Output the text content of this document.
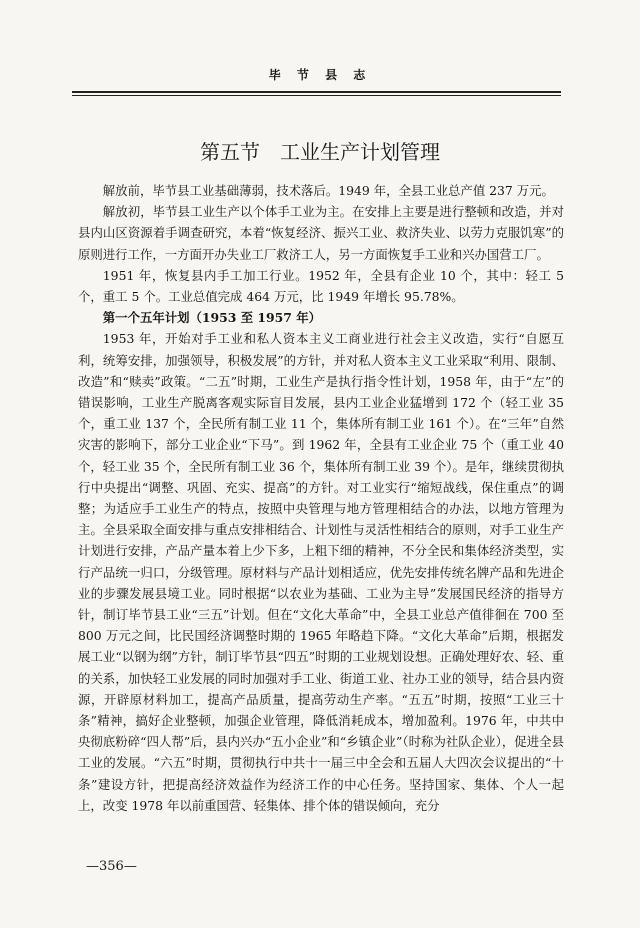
毕 节 县 志
第五节　工业生产计划管理

解放前，毕节县工业基础薄弱，技术落后。1949 年，全县工业总产值 237 万元。

解放初，毕节县工业生产以个体手工业为主。在安排上主要是进行整顿和改造，并对县内山区资源着手调查研究，本着“恢复经济、振兴工业、救济失业、以劳力克服饥寒”的原则进行工作，一方面开办失业工厂救济工人，另一方面恢复手工业和兴办国营工厂。

1951 年，恢复县内手工加工行业。1952 年，全县有企业 10 个，其中：轻工 5 个，重工 5 个。工业总值完成 464 万元，比 1949 年增长 95.78%。

第一个五年计划（1953 至 1957 年）

1953 年，开始对手工业和私人资本主义工商业进行社会主义改造，实行“自愿互利，统筹安排，加强领导，积极发展”的方针，并对私人资本主义工业采取“利用、限制、改造”和“赎卖”政策。“二五”时期，工业生产是执行指令性计划，1958 年，由于“左”的错误影响，工业生产脱离客观实际盲目发展，县内工业企业猛增到 172 个（轻工业 35 个，重工业 137 个，全民所有制工业 11 个，集体所有制工业 161 个）。在“三年”自然灾害的影响下，部分工业企业“下马”。到 1962 年，全县有工业企业 75 个（重工业 40 个，轻工业 35 个，全民所有制工业 36 个，集体所有制工业 39 个）。是年，继续贯彻执行中央提出“调整、巩固、充实、提高”的方针。对工业实行“缩短战线，保住重点”的调整；为适应手工业生产的特点，按照中央管理与地方管理相结合的办法，以地方管理为主。全县采取全面安排与重点安排相结合、计划性与灵活性相结合的原则，对手工业生产计划进行安排，产品产量本着上少下多，上粗下细的精神，不分全民和集体经济类型，实行产品统一归口，分级管理。原材料与产品计划相适应，优先安排传统名牌产品和先进企业的步骤发展县境工业。同时根据“以农业为基础、工业为主导”发展国民经济的指导方针，制订毕节县工业“三五”计划。但在“文化大革命”中，全县工业总产值徘徊在 700 至 800 万元之间，比民国经济调整时期的 1965 年略趋下降。“文化大革命”后期，根据发展工业“以钢为纲”方针，制订毕节县“四五”时期的工业规划设想。正确处理好农、轻、重的关系，加快轻工业发展的同时加强对手工业、街道工业、社办工业的领导，结合县内资源，开辟原材料加工，提高产品质量，提高劳动生产率。“五五”时期，按照“工业三十条”精神，搞好企业整顿，加强企业管理，降低消耗成本，增加盈利。1976 年，中共中央彻底粉碎“四人帮”后，县内兴办“五小企业”和“乡镇企业”（时称为社队企业），促进全县工业的发展。“六五”时期，贯彻执行中共十一届三中全会和五届人大四次会议提出的“十条”建设方针，把提高经济效益作为经济工作的中心任务。坚持国家、集体、个人一起上，改变 1978 年以前重国营、轻集体、排个体的错误倾向，充分

—356—
